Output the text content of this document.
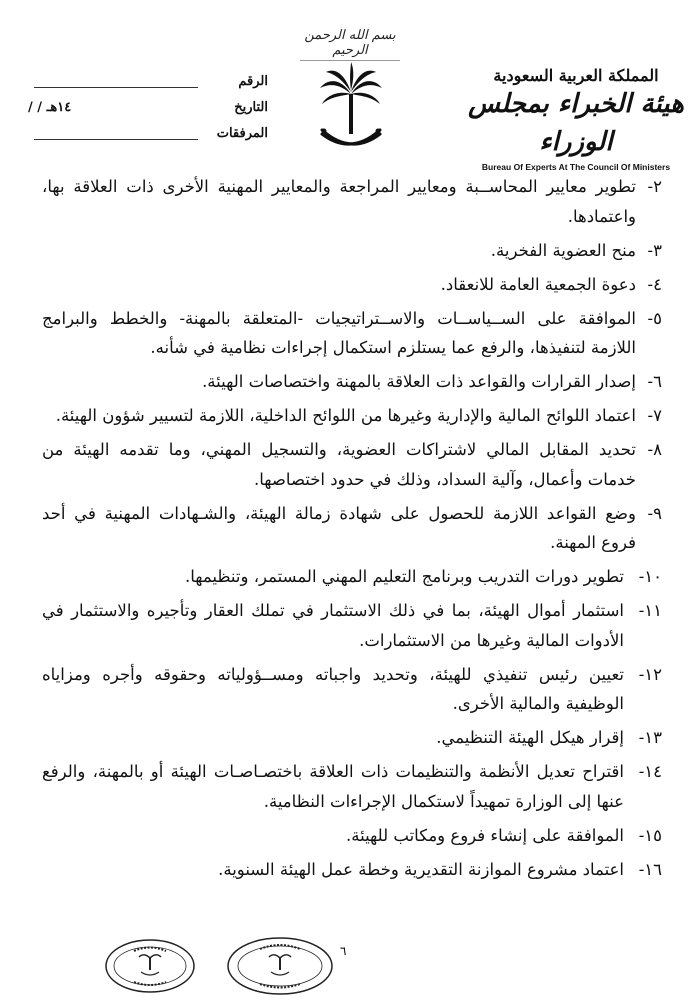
بسم الله الرحمن الرحيم
الرقم
التاريخ
/ / ١٤هـ
المرفقات
المملكة العربية السعودية
هيئة الخبراء بمجلس الوزراء
Bureau Of Experts At The Council Of Ministers
٢-
تطوير معايير المحاســبة ومعايير المراجعة والمعايير المهنية الأخرى ذات العلاقة بها، واعتمادها.
٣-
منح العضوية الفخرية.
٤-
دعوة الجمعية العامة للانعقاد.
٥-
الموافقة على الســياســات والاســتراتيجيات -المتعلقة بالمهنة- والخطط والبرامج اللازمة لتنفيذها، والرفع عما يستلزم استكمال إجراءات نظامية في شأنه.
٦-
إصدار القرارات والقواعد ذات العلاقة بالمهنة واختصاصات الهيئة.
٧-
اعتماد اللوائح المالية والإدارية وغيرها من اللوائح الداخلية، اللازمة لتسيير شؤون الهيئة.
٨-
تحديد المقابل المالي لاشتراكات العضوية، والتسجيل المهني، وما تقدمه الهيئة من خدمات وأعمال، وآلية السداد، وذلك في حدود اختصاصها.
٩-
وضع القواعد اللازمة للحصول على شهادة زمالة الهيئة، والشـهادات المهنية في أحد فروع المهنة.
١٠-
تطوير دورات التدريب وبرنامج التعليم المهني المستمر، وتنظيمها.
١١-
استثمار أموال الهيئة، بما في ذلك الاستثمار في تملك العقار وتأجيره والاستثمار في الأدوات المالية وغيرها من الاستثمارات.
١٢-
تعيين رئيس تنفيذي للهيئة، وتحديد واجباته ومســؤولياته وحقوقه وأجره ومزاياه الوظيفية والمالية الأخرى.
١٣-
إقرار هيكل الهيئة التنظيمي.
١٤-
اقتراح تعديل الأنظمة والتنظيمات ذات العلاقة باختصـاصـات الهيئة أو بالمهنة، والرفع عنها إلى الوزارة تمهيداً لاستكمال الإجراءات النظامية.
١٥-
الموافقة على إنشاء فروع ومكاتب للهيئة.
١٦-
اعتماد مشروع الموازنة التقديرية وخطة عمل الهيئة السنوية.
٦
